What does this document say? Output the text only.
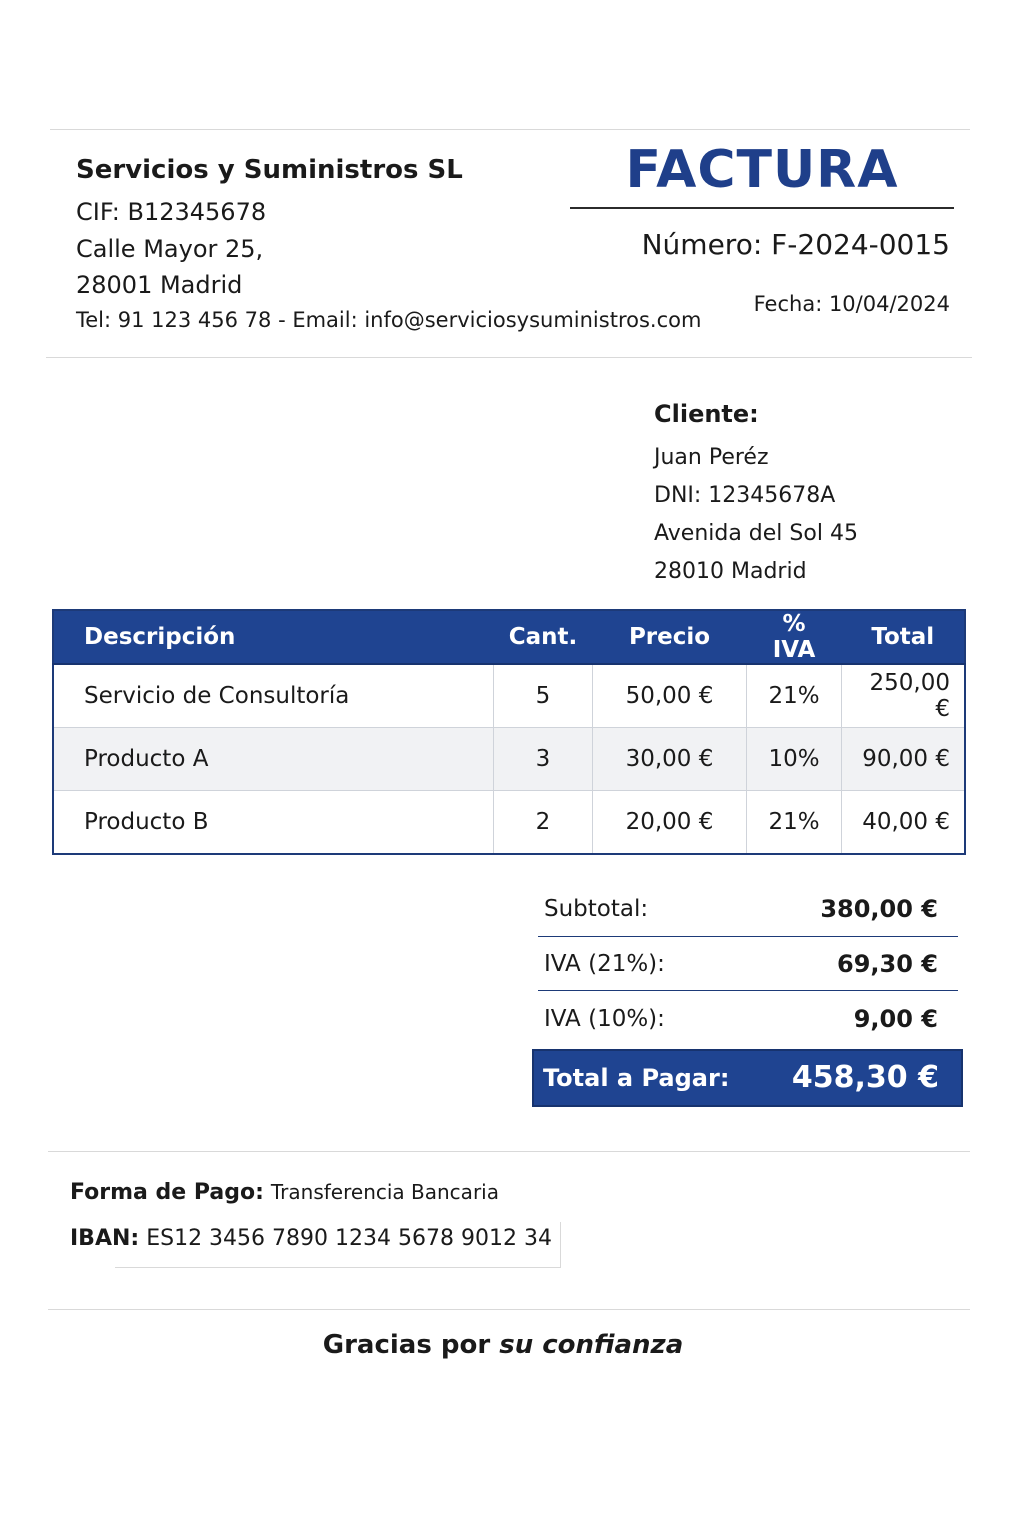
Servicios y Suministros SL
CIF: B12345678
Calle Mayor 25,
28001 Madrid
Tel: 91 123 456 78 - Email: info@serviciosysuministros.com
FACTURA
Número: F-2024-0015
Fecha: 10/04/2024
Cliente:
Juan Peréz
DNI: 12345678A
Avenida del Sol 45
28010 Madrid
Descripción	Cant.	Precio	% IVA	Total
Servicio de Consultoría	5	50,00 €	21%	250,00 €
Producto A	3	30,00 €	10%	90,00 €
Producto B	2	20,00 €	21%	40,00 €
Subtotal:	380,00 €
IVA (21%):	69,30 €
IVA (10%):	9,00 €
Total a Pagar: 458,30 €
Forma de Pago: Transferencia Bancaria
IBAN: ES12 3456 7890 1234 5678 9012 34
Gracias por su confianza
